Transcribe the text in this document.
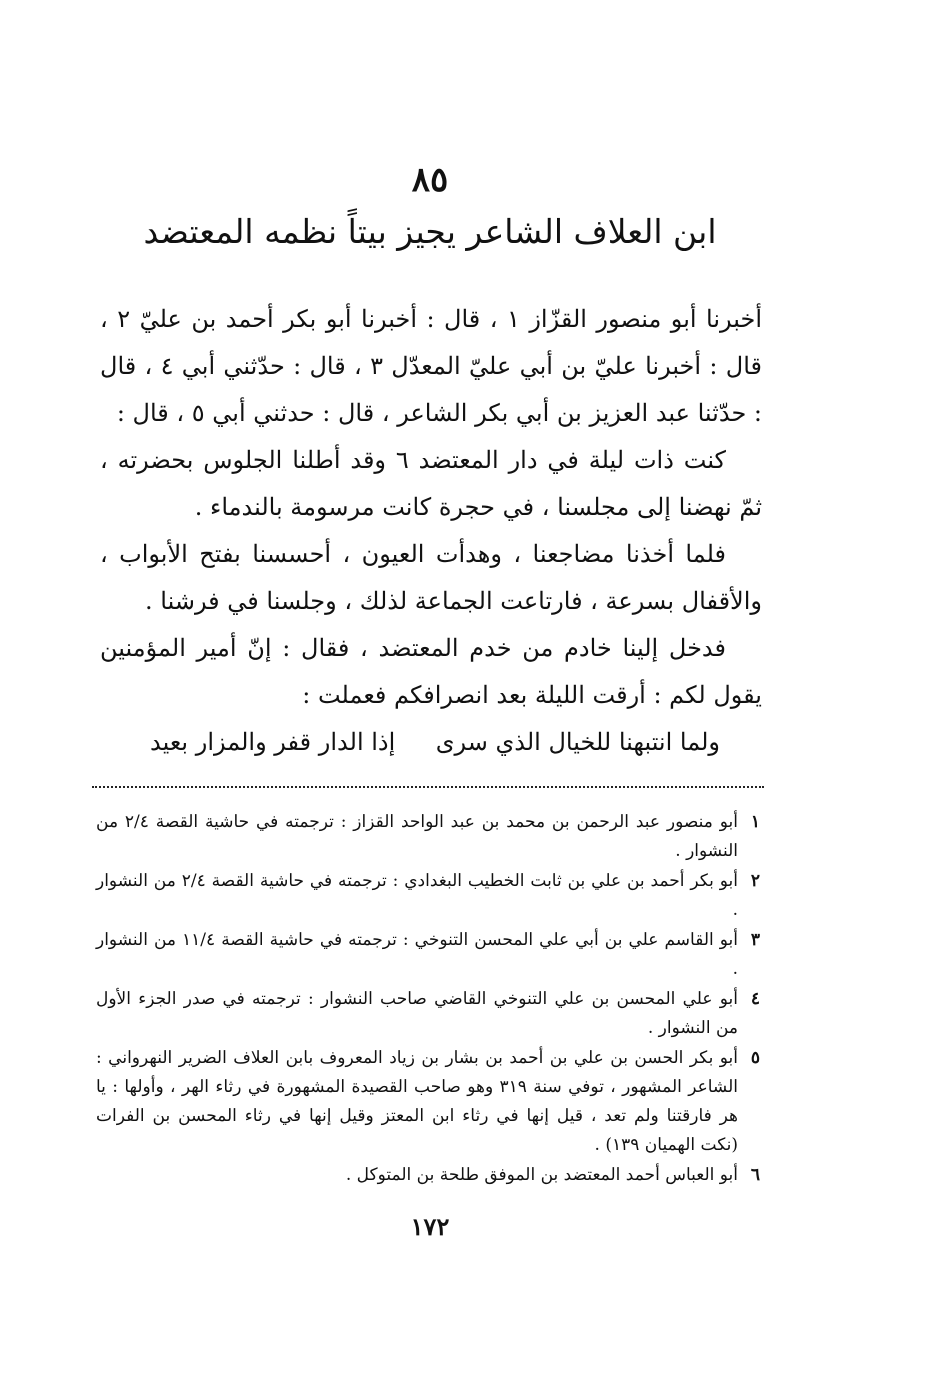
٨٥
ابن العلاف الشاعر يجيز بيتاً نظمه المعتضد

أخبرنا أبو منصور القزّاز ١ ، قال : أخبرنا أبو بكر أحمد بن عليّ ٢ ، قال : أخبرنا عليّ بن أبي عليّ المعدّل ٣ ، قال : حدّثني أبي ٤ ، قال : حدّثنا عبد العزيز بن أبي بكر الشاعر ، قال : حدثني أبي ٥ ، قال :

كنت ذات ليلة في دار المعتضد ٦ وقد أطلنا الجلوس بحضرته ، ثمّ نهضنا إلى مجلسنا ، في حجرة كانت مرسومة بالندماء .

فلما أخذنا مضاجعنا ، وهدأت العيون ، أحسسنا بفتح الأبواب ، والأقفال بسرعة ، فارتاعت الجماعة لذلك ، وجلسنا في فرشنا .

فدخل إلينا خادم من خدم المعتضد ، فقال : إنّ أمير المؤمنين يقول لكم : أرقت الليلة بعد انصرافكم فعملت :

ولما انتبهنا للخيال الذي سرى
إذا الدار قفر والمزار بعيد
١
أبو منصور عبد الرحمن بن محمد بن عبد الواحد القزاز : ترجمته في حاشية القصة ٢/٤ من النشوار .
٢
أبو بكر أحمد بن علي بن ثابت الخطيب البغدادي : ترجمته في حاشية القصة ٢/٤ من النشوار .
٣
أبو القاسم علي بن أبي علي المحسن التنوخي : ترجمته في حاشية القصة ١١/٤ من النشوار .
٤
أبو علي المحسن بن علي التنوخي القاضي صاحب النشوار : ترجمته في صدر الجزء الأول من النشوار .
٥
أبو بكر الحسن بن علي بن أحمد بن بشار بن زياد المعروف بابن العلاف الضرير النهرواني : الشاعر المشهور ، توفي سنة ٣١٩ وهو صاحب القصيدة المشهورة في رثاء الهر ، وأولها : يا هر فارقتنا ولم تعد ، قيل إنها في رثاء ابن المعتز وقيل إنها في رثاء المحسن بن الفرات (نكت الهميان ١٣٩) .
٦
أبو العباس أحمد المعتضد بن الموفق طلحة بن المتوكل .
١٧٢
